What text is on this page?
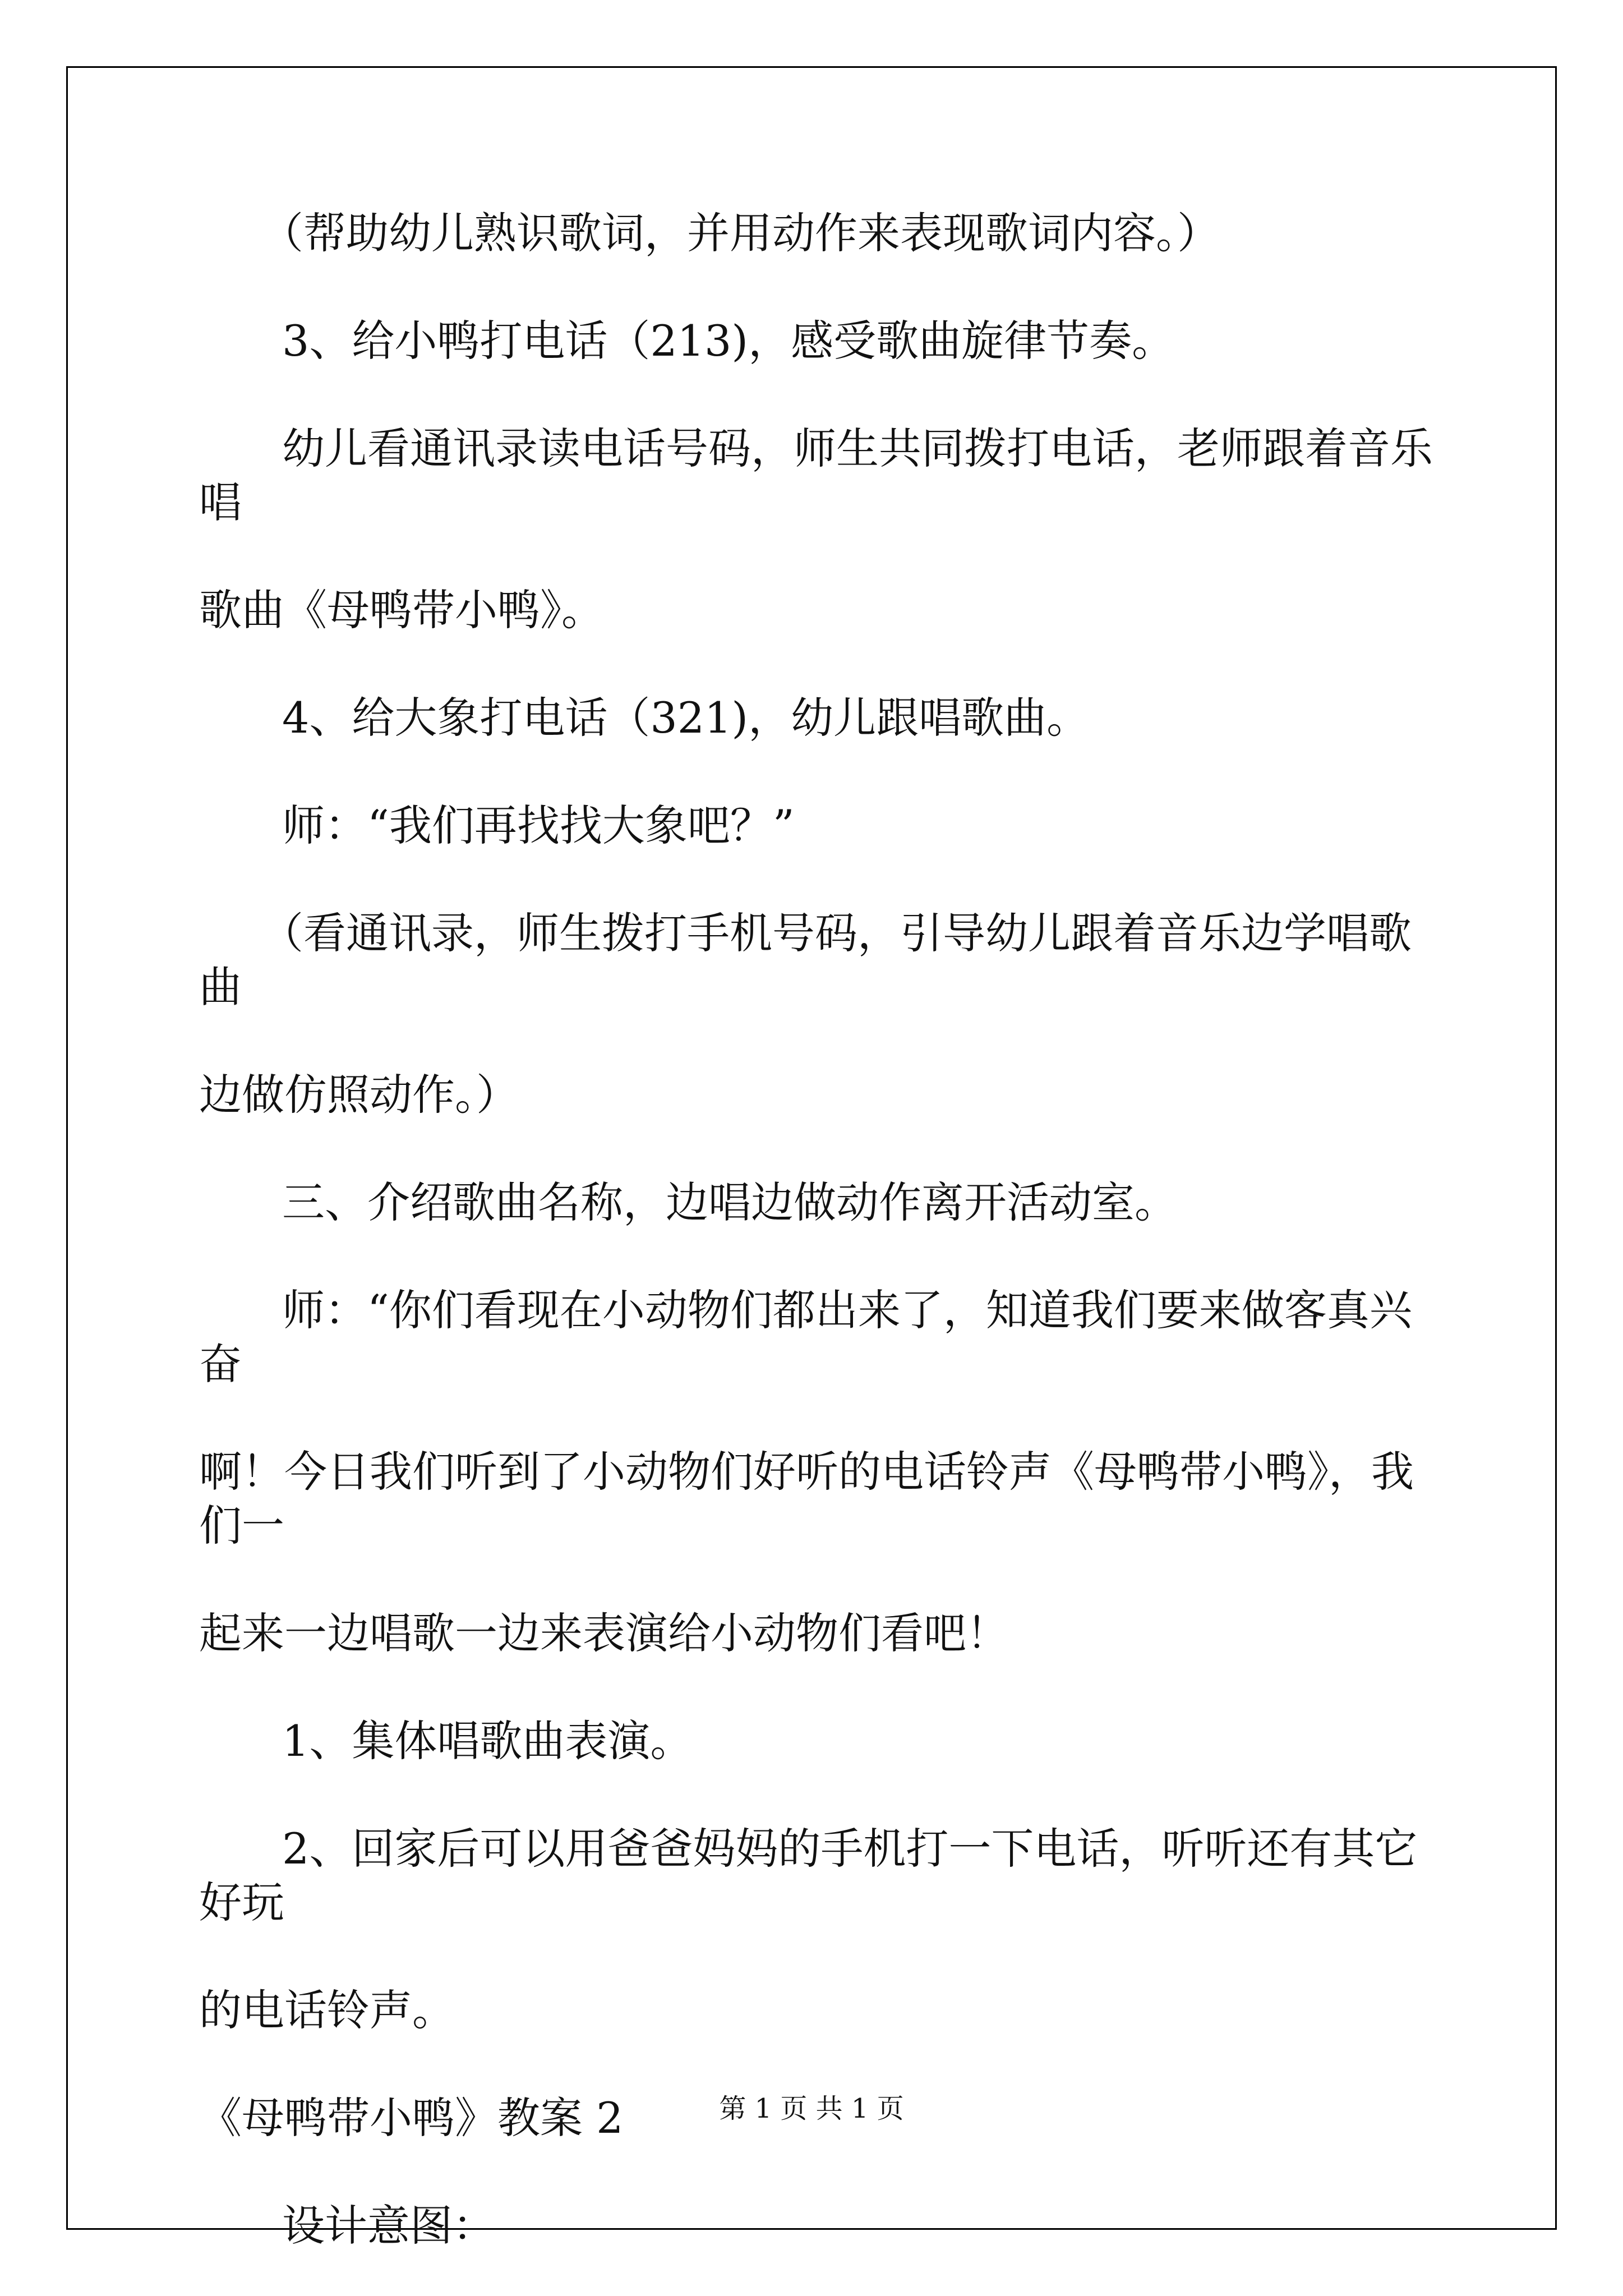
（帮助幼儿熟识歌词，并用动作来表现歌词内容。）

3、给小鸭打电话（213)，感受歌曲旋律节奏。

幼儿看通讯录读电话号码，师生共同拨打电话，老师跟着音乐唱

歌曲《母鸭带小鸭》。

4、给大象打电话（321)，幼儿跟唱歌曲。

师：“我们再找找大象吧？”

（看通讯录，师生拨打手机号码，引导幼儿跟着音乐边学唱歌曲

边做仿照动作。）

三、介绍歌曲名称，边唱边做动作离开活动室。

师：“你们看现在小动物们都出来了，知道我们要来做客真兴奋

啊！今日我们听到了小动物们好听的电话铃声《母鸭带小鸭》，我们一

起来一边唱歌一边来表演给小动物们看吧！

1、集体唱歌曲表演。

2、回家后可以用爸爸妈妈的手机打一下电话，听听还有其它好玩

的电话铃声。

《母鸭带小鸭》教案 2

设计意图：

第 1 页 共 1 页
